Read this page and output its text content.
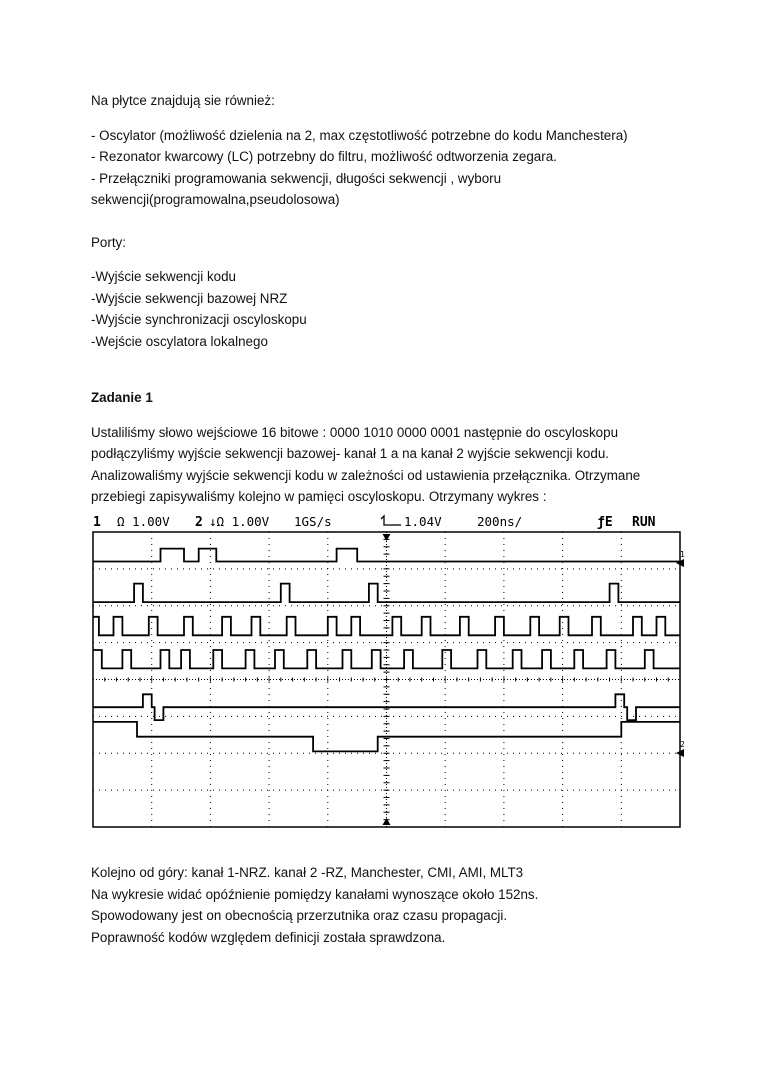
Na płytce znajdują sie również:
- Oscylator (możliwość dzielenia na 2, max częstotliwość potrzebne do kodu Manchestera)
- Rezonator kwarcowy (LC) potrzebny do filtru, możliwość odtworzenia zegara.
- Przełączniki programowania sekwencji, długości sekwencji , wyboru
sekwencji(programowalna,pseudolosowa)
Porty:
-Wyjście sekwencji kodu
-Wyjście sekwencji bazowej NRZ
-Wyjście synchronizacji oscyloskopu
-Wejście oscylatora lokalnego
Zadanie 1
Ustaliliśmy słowo wejściowe 16 bitowe : 0000 1010 0000 0001 następnie do oscyloskopu
podłączyliśmy wyjście sekwencji bazowej- kanał 1 a na kanał 2 wyjście sekwencji kodu.
Analizowaliśmy wyjście sekwencji kodu w zależności od ustawienia przełącznika. Otrzymane
przebiegi zapisywaliśmy kolejno w pamięci oscyloskopu. Otrzymany wykres :
1 Ω 1.00V 2 ↓Ω 1.00V 1GS/s	1.04V	200ns/	ƒE RUN
1
2
Kolejno od góry: kanał 1-NRZ. kanał 2 -RZ, Manchester, CMI, AMI, MLT3
Na wykresie widać opóźnienie pomiędzy kanałami wynoszące około 152ns.
Spowodowany jest on obecnością przerzutnika oraz czasu propagacji.
Poprawność kodów względem definicji została sprawdzona.
